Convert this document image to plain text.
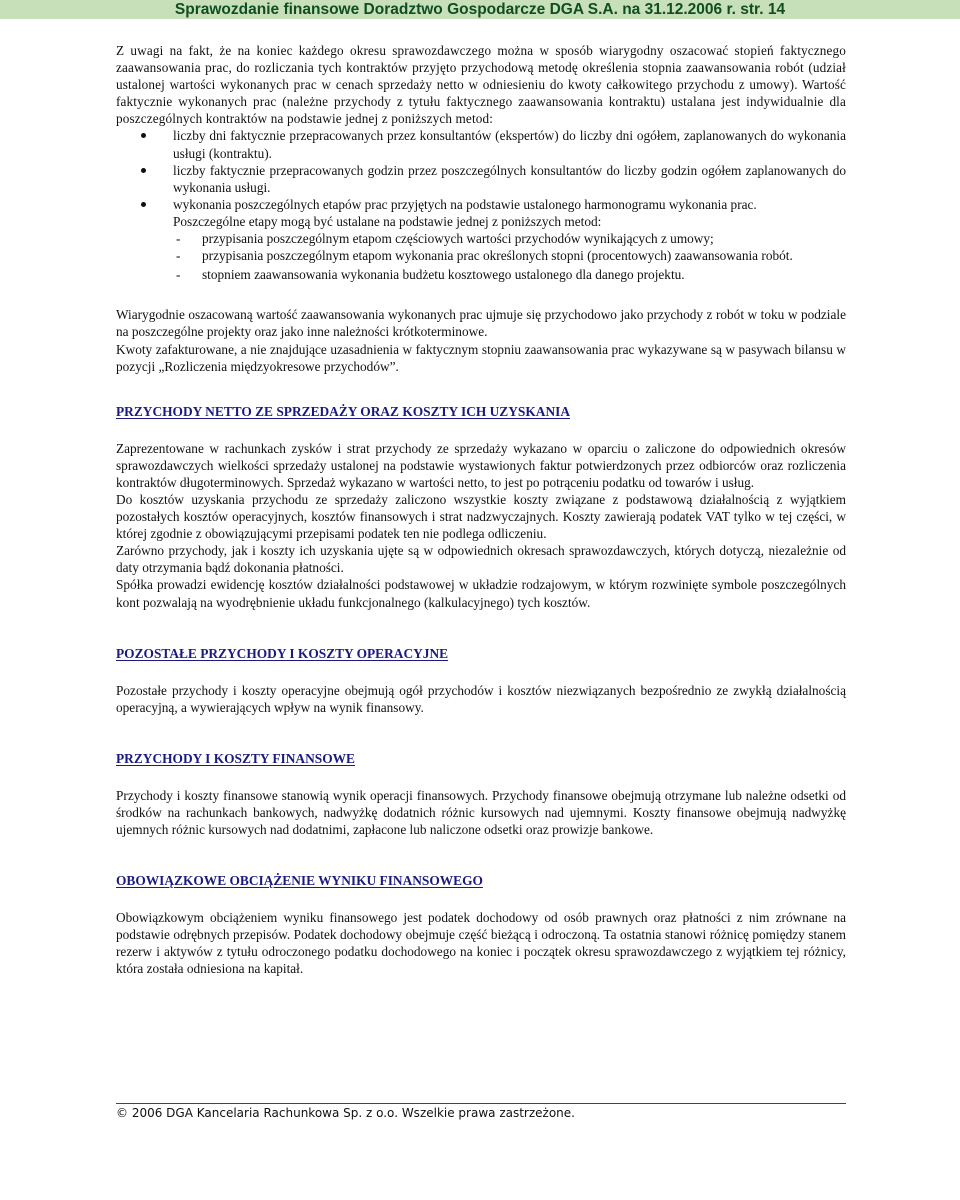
Sprawozdanie finansowe Doradztwo Gospodarcze DGA S.A. na 31.12.2006 r. str. 14

Z uwagi na fakt, że na koniec każdego okresu sprawozdawczego można w sposób wiarygodny oszacować stopień faktycznego zaawansowania prac, do rozliczania tych kontraktów przyjęto przychodową metodę określenia stopnia zaawansowania robót (udział ustalonej wartości wykonanych prac w cenach sprzedaży netto w odniesieniu do kwoty całkowitego przychodu z umowy). Wartość faktycznie wykonanych prac (należne przychody z tytułu faktycznego zaawansowania kontraktu) ustalana jest indywidualnie dla poszczególnych kontraktów na podstawie jednej z poniższych metod:

liczby dni faktycznie przepracowanych przez konsultantów (ekspertów) do liczby dni ogółem, zaplanowanych do wykonania usługi (kontraktu).
liczby faktycznie przepracowanych godzin przez poszczególnych konsultantów do liczby godzin ogółem zaplanowanych do wykonania usługi.
wykonania poszczególnych etapów prac przyjętych na podstawie ustalonego harmonogramu wykonania prac.

Poszczególne etapy mogą być ustalane na podstawie jednej z poniższych metod:

- przypisania poszczególnym etapom częściowych wartości przychodów wynikających z umowy;
- przypisania poszczególnym etapom wykonania prac określonych stopni (procentowych) zaawansowania robót.
- stopniem zaawansowania wykonania budżetu kosztowego ustalonego dla danego projektu.

Wiarygodnie oszacowaną wartość zaawansowania wykonanych prac ujmuje się przychodowo jako przychody z robót w toku w podziale na poszczególne projekty oraz jako inne należności krótkoterminowe.

Kwoty zafakturowane, a nie znajdujące uzasadnienia w faktycznym stopniu zaawansowania prac wykazywane są w pasywach bilansu w pozycji „Rozliczenia międzyokresowe przychodów”.

PRZYCHODY NETTO ZE SPRZEDAŻY ORAZ KOSZTY ICH UZYSKANIA

Zaprezentowane w rachunkach zysków i strat przychody ze sprzedaży wykazano w oparciu o zaliczone do odpowiednich okresów sprawozdawczych wielkości sprzedaży ustalonej na podstawie wystawionych faktur potwierdzonych przez odbiorców oraz rozliczenia kontraktów długoterminowych. Sprzedaż wykazano w wartości netto, to jest po potrąceniu podatku od towarów i usług.

Do kosztów uzyskania przychodu ze sprzedaży zaliczono wszystkie koszty związane z podstawową działalnością z wyjątkiem pozostałych kosztów operacyjnych, kosztów finansowych i strat nadzwyczajnych. Koszty zawierają podatek VAT tylko w tej części, w której zgodnie z obowiązującymi przepisami podatek ten nie podlega odliczeniu.

Zarówno przychody, jak i koszty ich uzyskania ujęte są w odpowiednich okresach sprawozdawczych, których dotyczą, niezależnie od daty otrzymania bądź dokonania płatności.

Spółka prowadzi ewidencję kosztów działalności podstawowej w układzie rodzajowym, w którym rozwinięte symbole poszczególnych kont pozwalają na wyodrębnienie układu funkcjonalnego (kalkulacyjnego) tych kosztów.

POZOSTAŁE PRZYCHODY I KOSZTY OPERACYJNE

Pozostałe przychody i koszty operacyjne obejmują ogół przychodów i kosztów niezwiązanych bezpośrednio ze zwykłą działalnością operacyjną, a wywierających wpływ na wynik finansowy.

PRZYCHODY I KOSZTY FINANSOWE

Przychody i koszty finansowe stanowią wynik operacji finansowych. Przychody finansowe obejmują otrzymane lub należne odsetki od środków na rachunkach bankowych, nadwyżkę dodatnich różnic kursowych nad ujemnymi. Koszty finansowe obejmują nadwyżkę ujemnych różnic kursowych nad dodatnimi, zapłacone lub naliczone odsetki oraz prowizje bankowe.

OBOWIĄZKOWE OBCIĄŻENIE WYNIKU FINANSOWEGO

Obowiązkowym obciążeniem wyniku finansowego jest podatek dochodowy od osób prawnych oraz płatności z nim zrównane na podstawie odrębnych przepisów. Podatek dochodowy obejmuje część bieżącą i odroczoną. Ta ostatnia stanowi różnicę pomiędzy stanem rezerw i aktywów z tytułu odroczonego podatku dochodowego na koniec i początek okresu sprawozdawczego z wyjątkiem tej różnicy, która została odniesiona na kapitał.

© 2006 DGA Kancelaria Rachunkowa Sp. z o.o. Wszelkie prawa zastrzeżone.
